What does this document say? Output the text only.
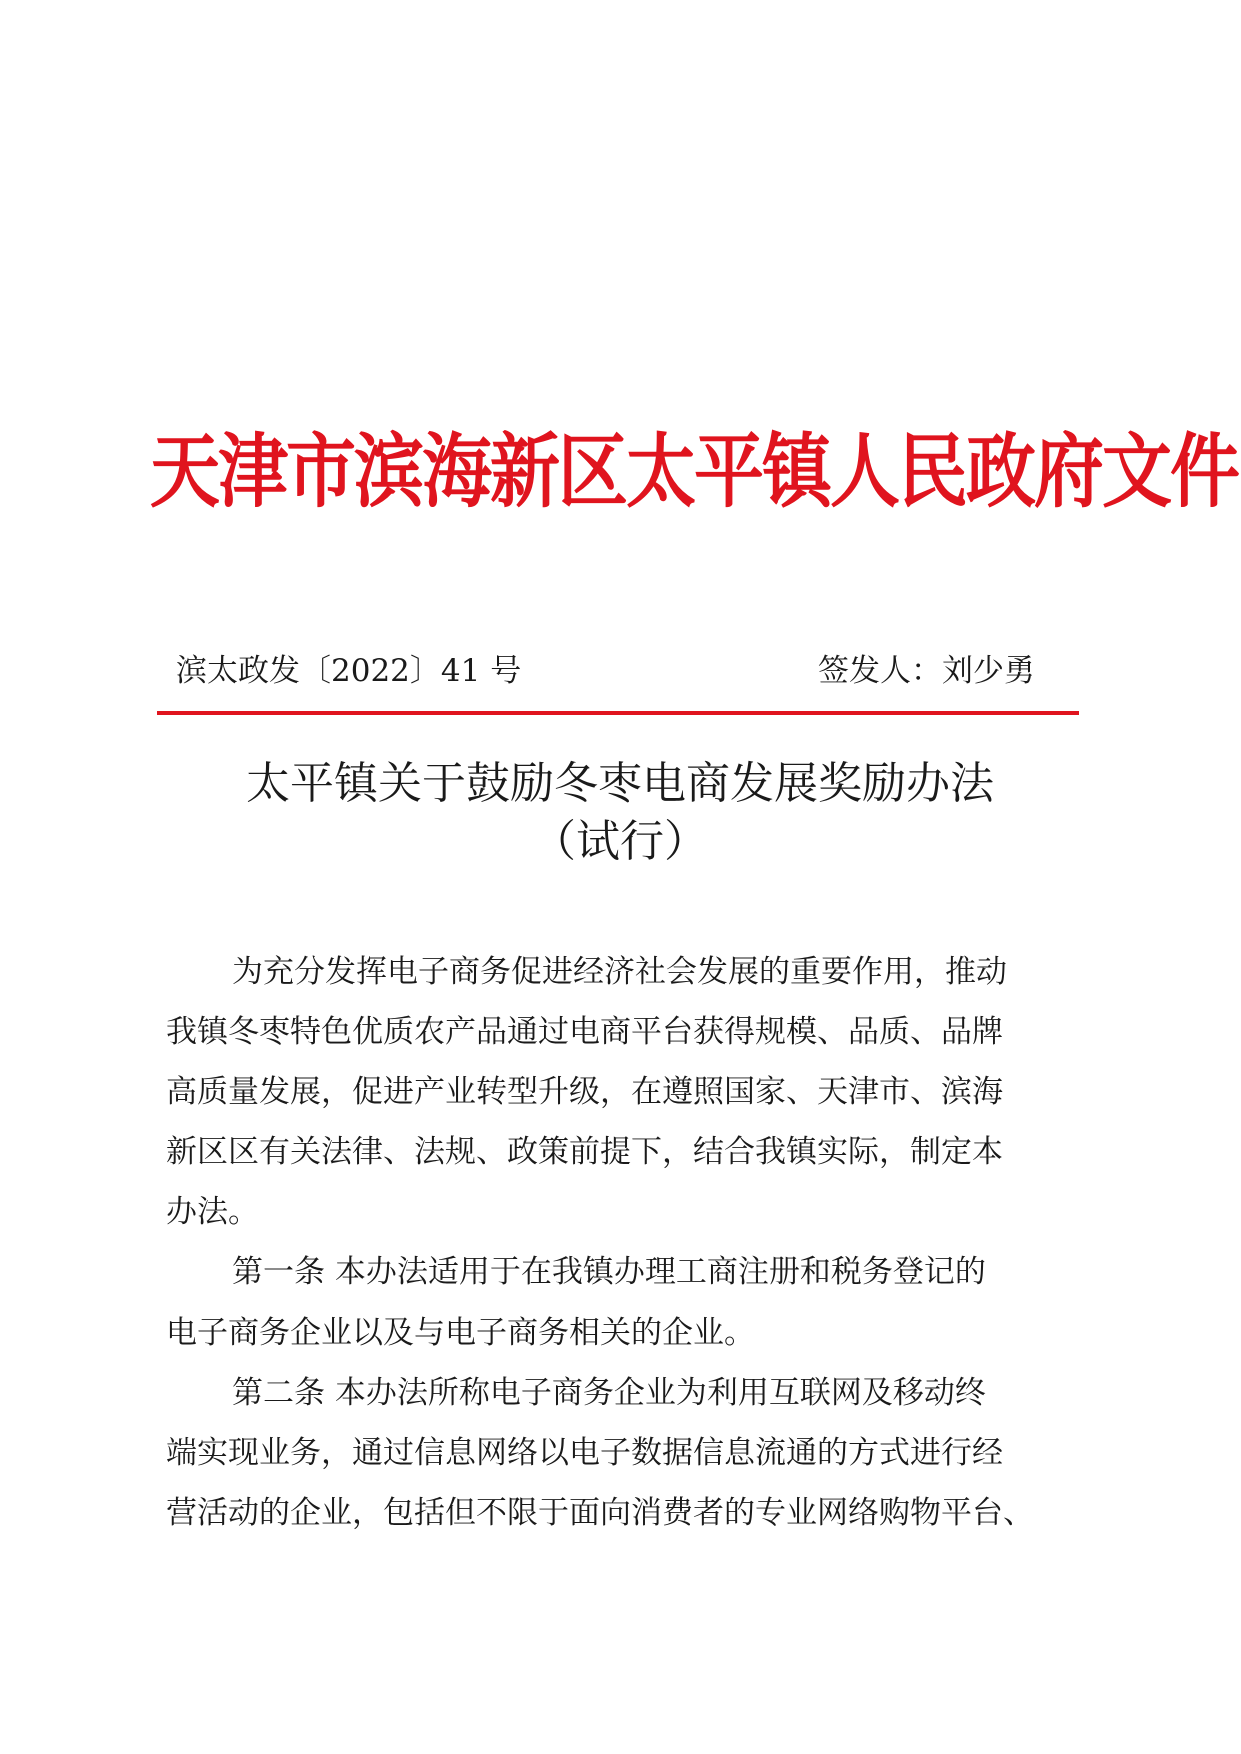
天津市滨海新区太平镇人民政府文件
滨太政发〔2022〕41 号	签发人：刘少勇
太平镇关于鼓励冬枣电商发展奖励办法
（试行）
为充分发挥电子商务促进经济社会发展的重要作用，推动
我镇冬枣特色优质农产品通过电商平台获得规模、品质、品牌
高质量发展，促进产业转型升级，在遵照国家、天津市、滨海
新区区有关法律、法规、政策前提下，结合我镇实际，制定本
办法。
第一条 本办法适用于在我镇办理工商注册和税务登记的
电子商务企业以及与电子商务相关的企业。
第二条 本办法所称电子商务企业为利用互联网及移动终
端实现业务，通过信息网络以电子数据信息流通的方式进行经
营活动的企业，包括但不限于面向消费者的专业网络购物平台、
